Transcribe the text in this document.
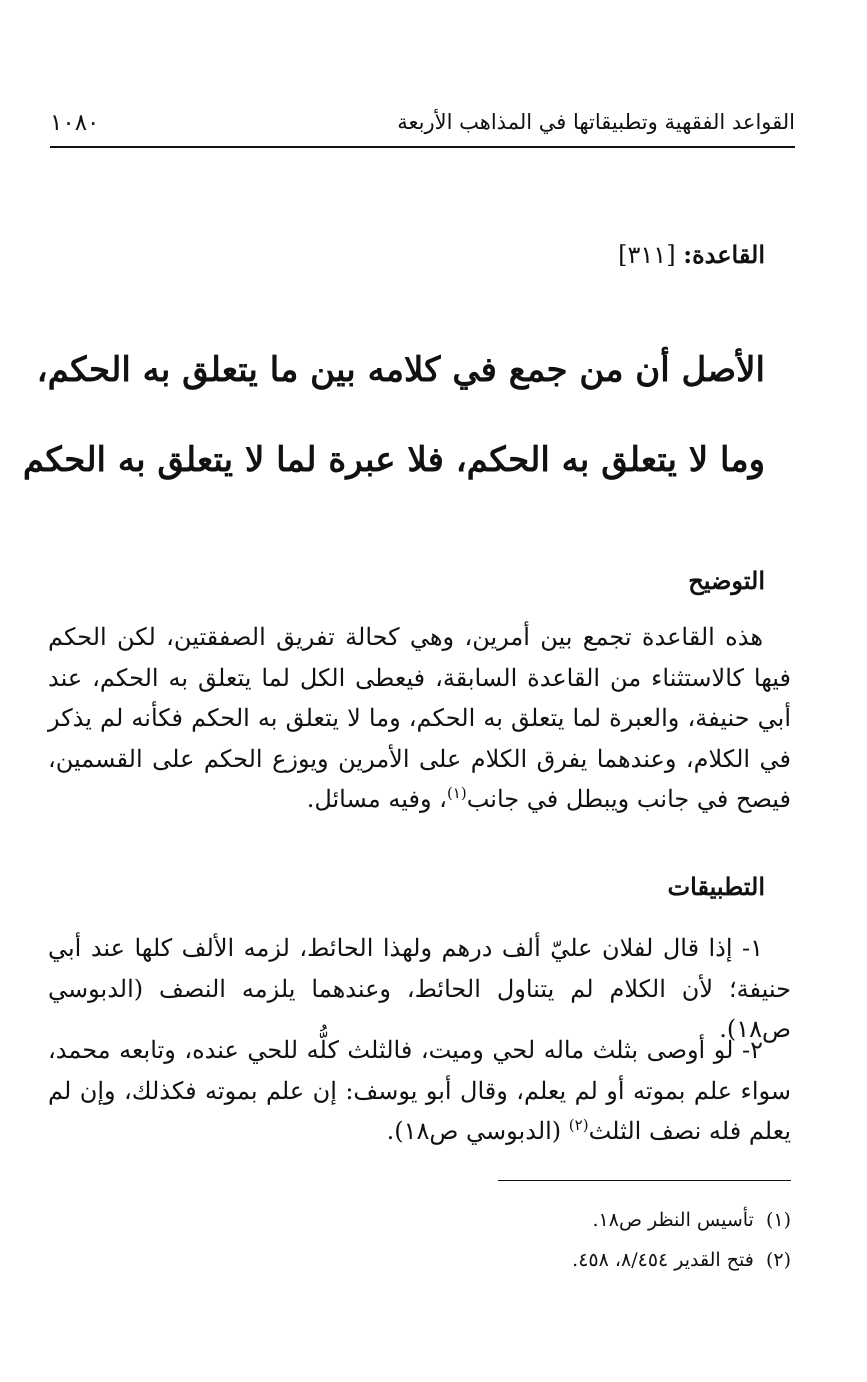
القواعد الفقهية وتطبيقاتها في المذاهب الأربعة
١٠٨٠
القاعدة: [٣١١]
الأصل أن من جمع في كلامه بين ما يتعلق به الحكم،
وما لا يتعلق به الحكم، فلا عبرة لما لا يتعلق به الحكم
التوضيح

هذه القاعدة تجمع بين أمرين، وهي كحالة تفريق الصفقتين، لكن الحكم فيها كالاستثناء من القاعدة السابقة، فيعطى الكل لما يتعلق به الحكم، عند أبي حنيفة، والعبرة لما يتعلق به الحكم، وما لا يتعلق به الحكم فكأنه لم يذكر في الكلام، وعندهما يفرق الكلام على الأمرين ويوزع الحكم على القسمين، فيصح في جانب ويبطل في جانب$^{(١)}$، وفيه مسائل.

التطبيقات

١- إذا قال لفلان عليّ ألف درهم ولهذا الحائط، لزمه الألف كلها عند أبي حنيفة؛ لأن الكلام لم يتناول الحائط، وعندهما يلزمه النصف (الدبوسي ص١٨).

٢- لو أوصى بثلث ماله لحي وميت، فالثلث كلُّه للحي عنده، وتابعه محمد، سواء علم بموته أو لم يعلم، وقال أبو يوسف: إن علم بموته فكذلك، وإن لم يعلم فله نصف الثلث$^{(٢)}$ (الدبوسي ص١٨).

(١)  تأسيس النظر ص١٨.
(٢)  فتح القدير ٨/٤٥٤، ٤٥٨.
